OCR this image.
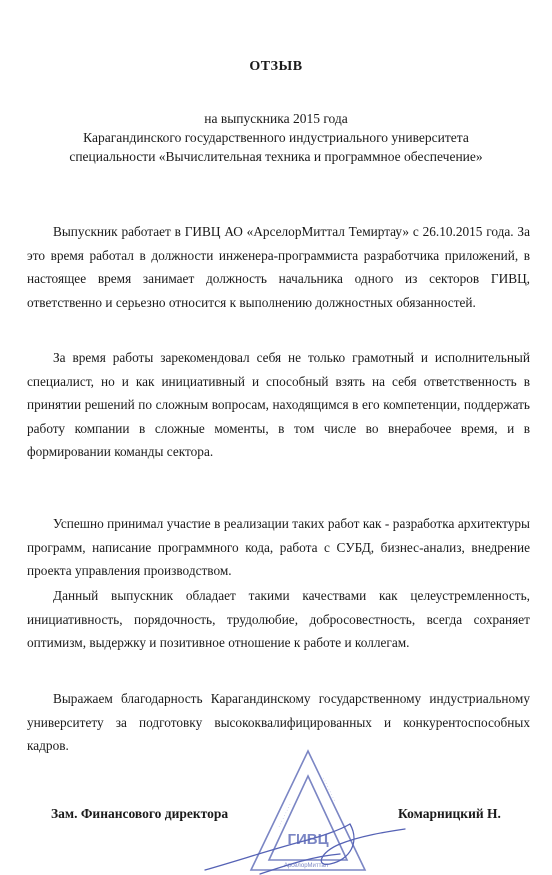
ОТЗЫВ
на выпускника 2015 года
Карагандинского государственного индустриального университета
специальности «Вычислительная техника и программное обеспечение»

Выпускник работает в ГИВЦ АО «АрселорМиттал Темиртау» с 26.10.2015 года. За это время работал в должности инженера-программиста разработчика приложений, в настоящее время занимает должность начальника одного из секторов ГИВЦ, ответственно и серьезно относится к выполнению должностных обязанностей.

За время работы зарекомендовал себя не только грамотный и исполнительный специалист, но и как инициативный и способный взять на себя ответственность в принятии решений по сложным вопросам, находящимся в его компетенции, поддержать работу компании в сложные моменты, в том числе во внерабочее время, и в формировании команды сектора.

Успешно принимал участие в реализации таких работ как - разработка архитектуры программ, написание программного кода, работа с СУБД, бизнес-анализ, внедрение проекта управления производством.

Данный выпускник обладает такими качествами как целеустремленность, инициативность, порядочность, трудолюбие, добросовестность, всегда сохраняет оптимизм, выдержку и позитивное отношение к работе и коллегам.

Выражаем благодарность Карагандинскому государственному индустриальному университету за подготовку высококвалифицированных и конкурентоспособных кадров.

ГИВЦ
АрселорМиттал
· · · · · · · · ·
· · · · · · · · ·
Зам. Финансового директора	Комарницкий Н.
